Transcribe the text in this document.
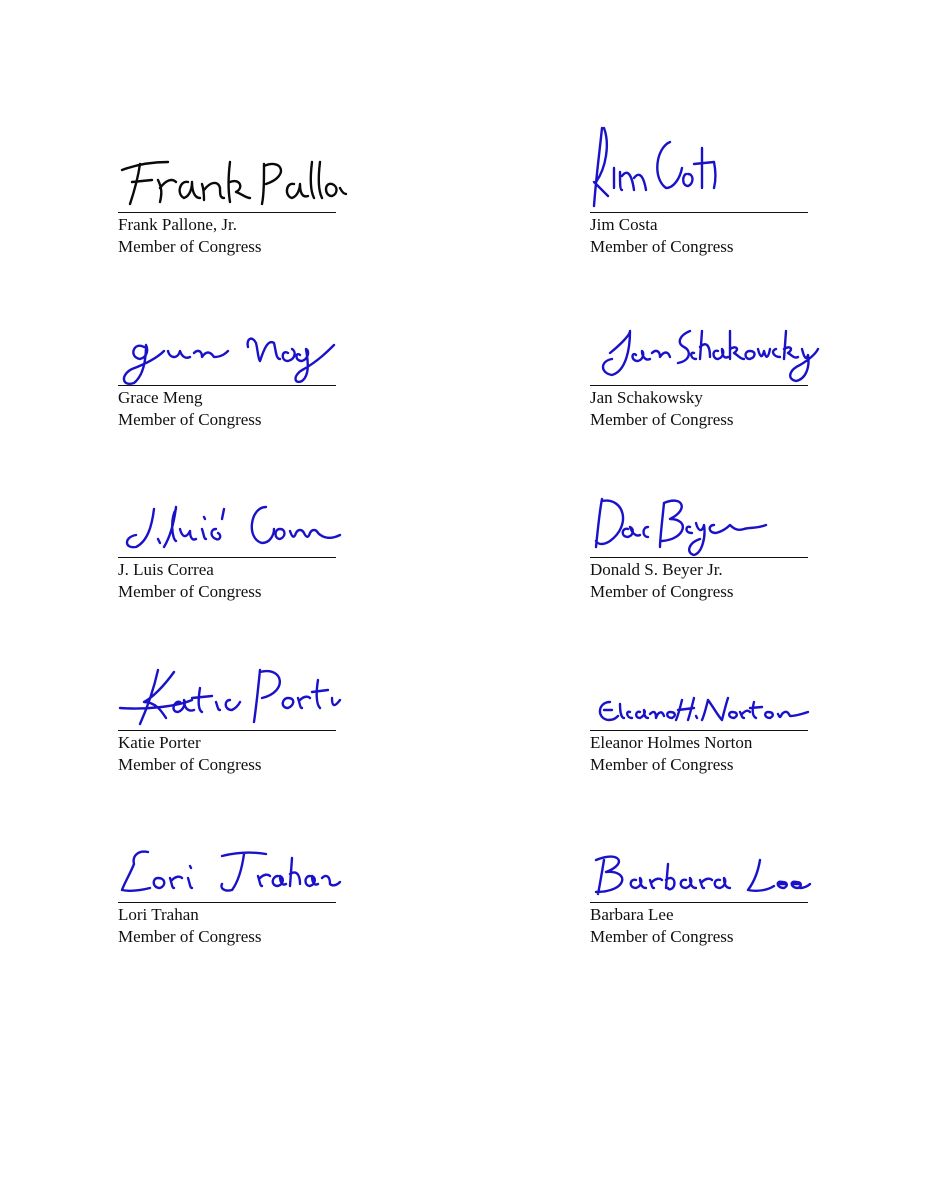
Frank Pallone, Jr.
Member of Congress
Jim Costa
Member of Congress
Grace Meng
Member of Congress
Jan Schakowsky
Member of Congress
J. Luis Correa
Member of Congress
Donald S. Beyer Jr.
Member of Congress
Katie Porter
Member of Congress
Eleanor Holmes Norton
Member of Congress
Lori Trahan
Member of Congress
Barbara Lee
Member of Congress
